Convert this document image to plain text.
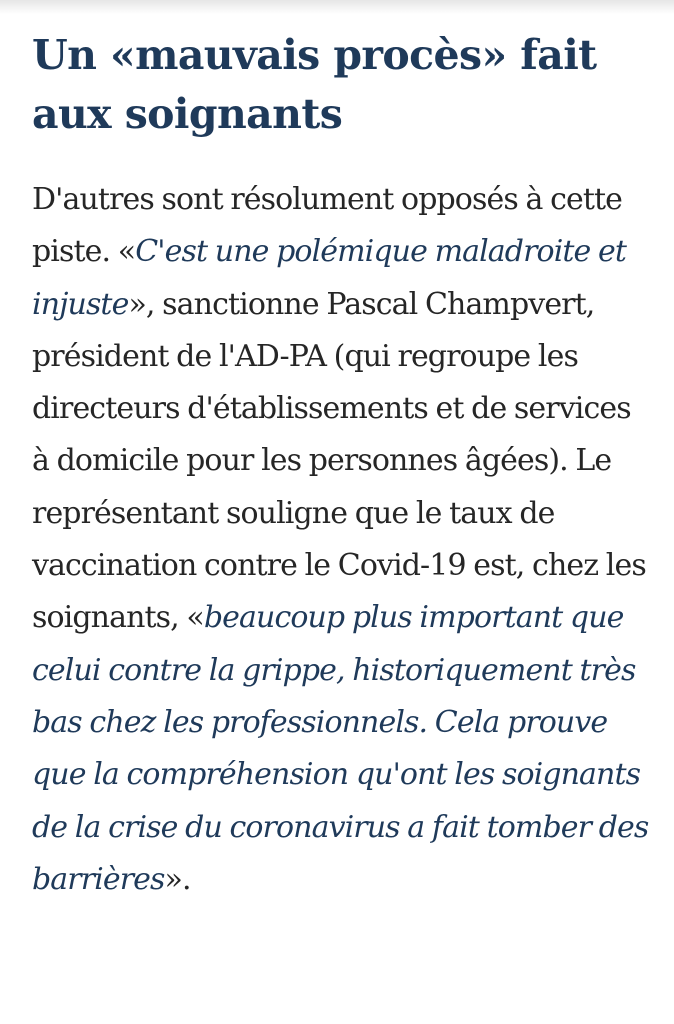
Un «mauvais procès» fait aux soignants

D'autres sont résolument opposés à cette piste. «C'est une polémique maladroite et injuste», sanctionne Pascal Champvert, président de l'AD-PA (qui regroupe les directeurs d'établissements et de services à domicile pour les personnes âgées). Le représentant souligne que le taux de vaccination contre le Covid-19 est, chez les soignants, «beaucoup plus important que celui contre la grippe, historiquement très bas chez les professionnels. Cela prouve que la compréhension qu'ont les soignants de la crise du coronavirus a fait tomber des barrières».
